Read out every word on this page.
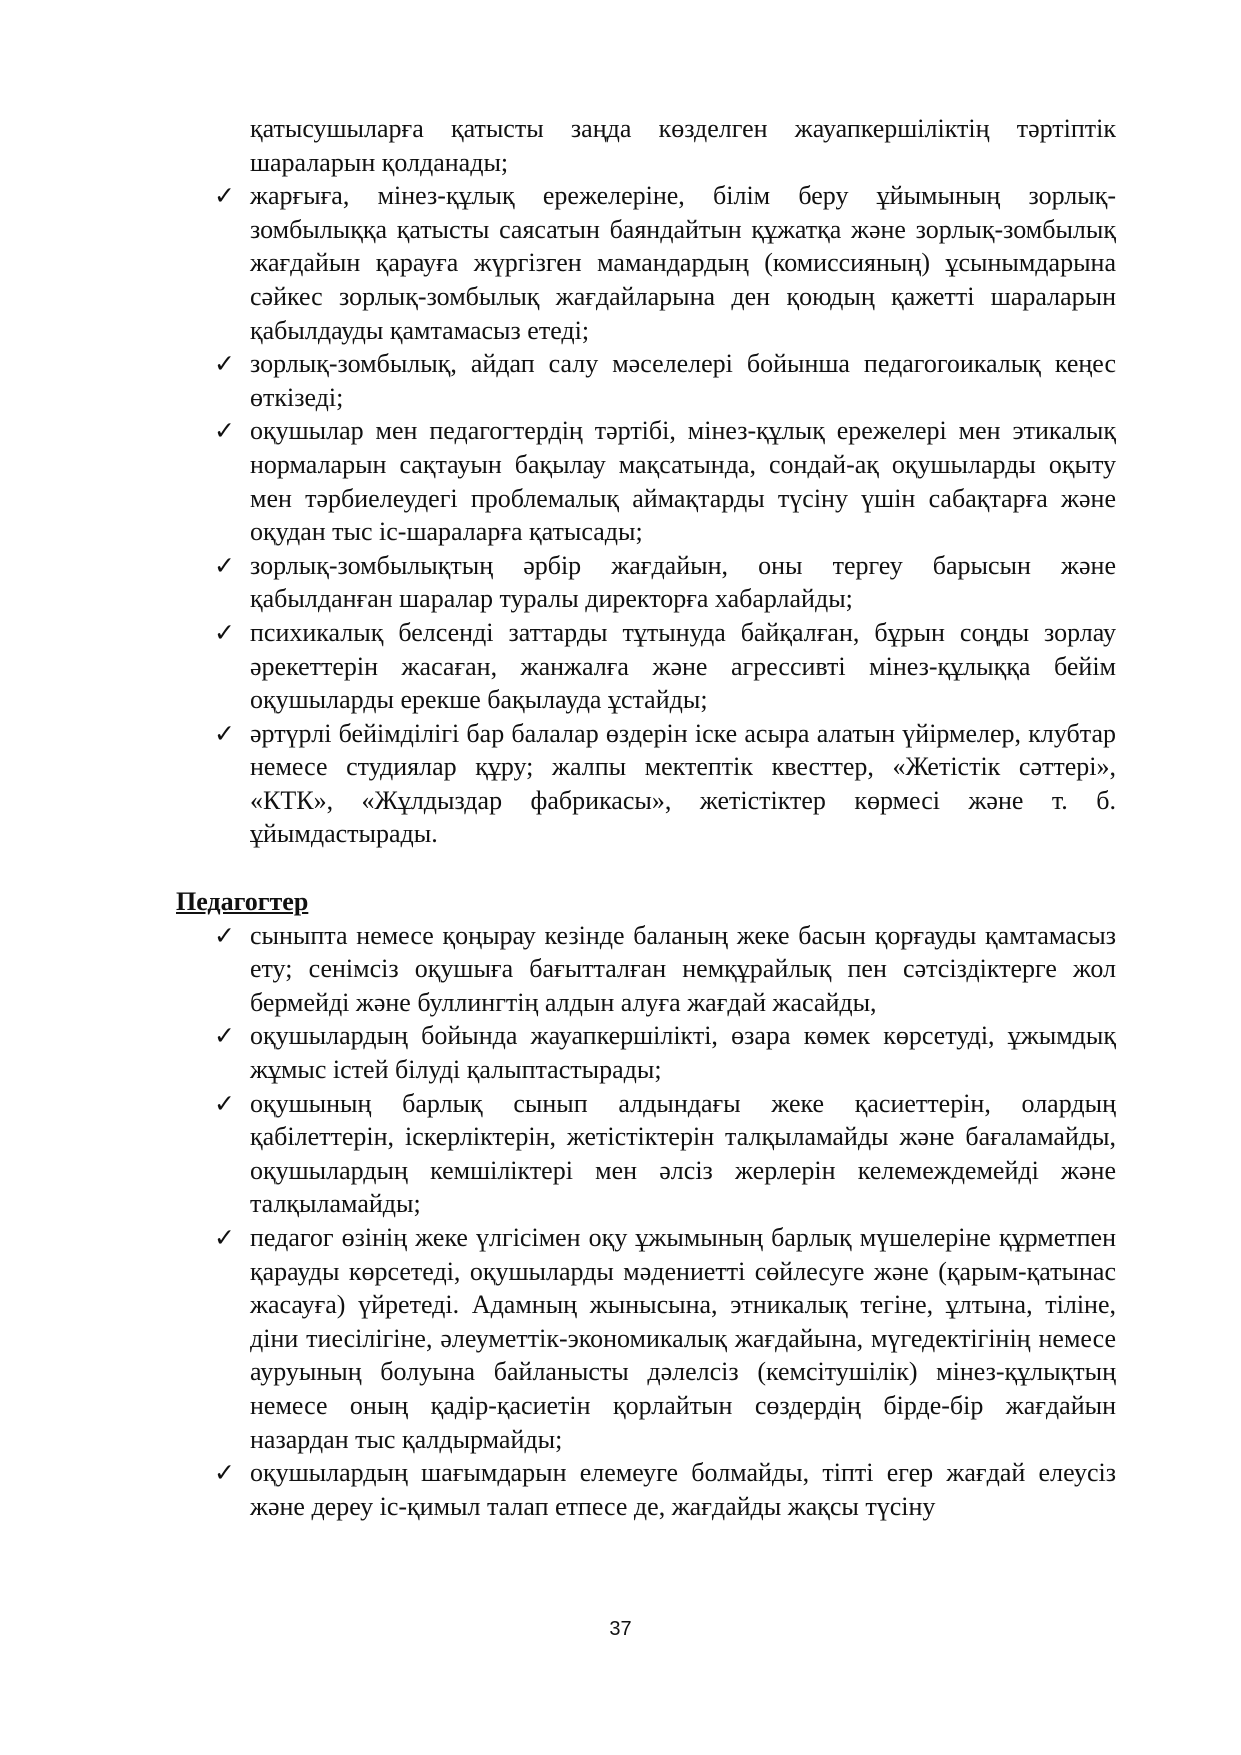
қатысушыларға қатысты заңда көзделген жауапкершіліктің тәртіптік шараларын қолданады;
✓ жарғыға, мінез-құлық ережелеріне, білім беру ұйымының зорлық-зомбылыққа қатысты саясатын баяндайтын құжатқа және зорлық-зомбылық жағдайын қарауға жүргізген мамандардың (комиссияның) ұсынымдарына сәйкес зорлық-зомбылық жағдайларына ден қоюдың қажетті шараларын қабылдауды қамтамасыз етеді;
✓ зорлық-зомбылық, айдап салу мәселелері бойынша педагогоикалық кеңес өткізеді;
✓ оқушылар мен педагогтердің тәртібі, мінез-құлық ережелері мен этикалық нормаларын сақтауын бақылау мақсатында, сондай-ақ оқушыларды оқыту мен тәрбиелеудегі проблемалық аймақтарды түсіну үшін сабақтарға және оқудан тыс іс-шараларға қатысады;
✓ зорлық-зомбылықтың әрбір жағдайын, оны тергеу барысын және қабылданған шаралар туралы директорға хабарлайды;
✓ психикалық белсенді заттарды тұтынуда байқалған, бұрын соңды зорлау әрекеттерін жасаған, жанжалға және агрессивті мінез-құлыққа бейім оқушыларды ерекше бақылауда ұстайды;
✓ әртүрлі бейімділігі бар балалар өздерін іске асыра алатын үйірмелер, клубтар немесе студиялар құру; жалпы мектептік квесттер, «Жетістік сәттері», «КТК», «Жұлдыздар фабрикасы», жетістіктер көрмесі және т. б. ұйымдастырады.
Педагогтер
✓ сыныпта немесе қоңырау кезінде баланың жеке басын қорғауды қамтамасыз ету; сенімсіз оқушыға бағытталған немқұрайлық пен сәтсіздіктерге жол бермейді және буллингтің алдын алуға жағдай жасайды,
✓ оқушылардың бойында жауапкершілікті, өзара көмек көрсетуді, ұжымдық жұмыс істей білуді қалыптастырады;
✓ оқушының барлық сынып алдындағы жеке қасиеттерін, олардың қабілеттерін, іскерліктерін, жетістіктерін талқыламайды және бағаламайды, оқушылардың кемшіліктері мен әлсіз жерлерін келемеждемейді және талқыламайды;
✓ педагог өзінің жеке үлгісімен оқу ұжымының барлық мүшелеріне құрметпен қарауды көрсетеді, оқушыларды мәдениетті сөйлесуге және (қарым-қатынас жасауға) үйретеді. Адамның жынысына, этникалық тегіне, ұлтына, тіліне, діни тиесілігіне, әлеуметтік-экономикалық жағдайына, мүгедектігінің немесе ауруының болуына байланысты дәлелсіз (кемсітушілік) мінез-құлықтың немесе оның қадір-қасиетін қорлайтын сөздердің бірде-бір жағдайын назардан тыс қалдырмайды;
✓ оқушылардың шағымдарын елемеуге болмайды, тіпті егер жағдай елеусіз және дереу іс-қимыл талап етпесе де, жағдайды жақсы түсіну
37
